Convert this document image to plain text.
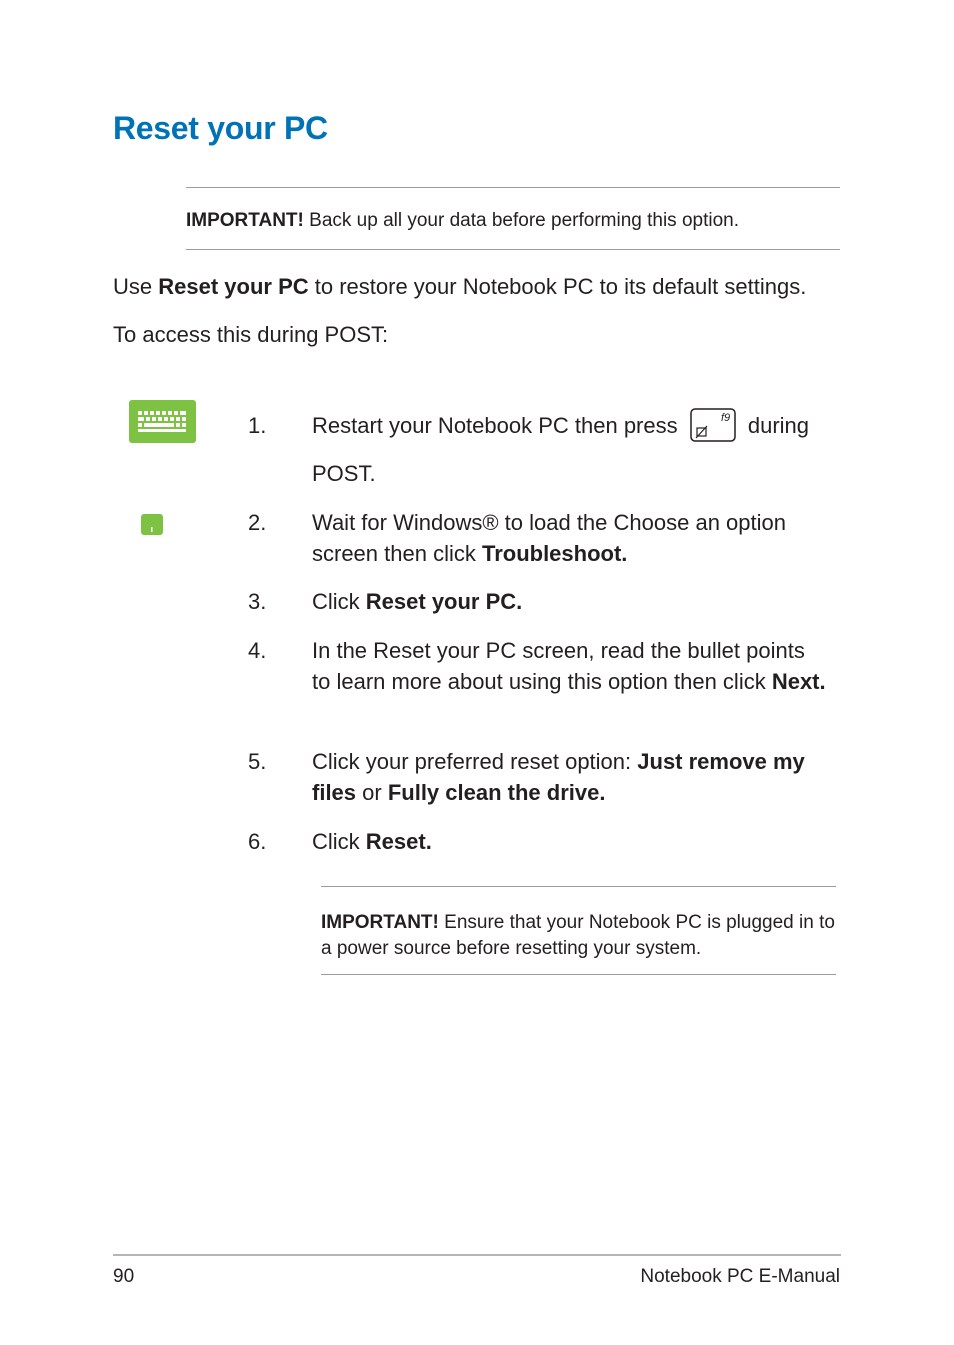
Reset your PC

IMPORTANT! Back up all your data before performing this option.

Use Reset your PC to restore your Notebook PC to its default settings.

To access this during POST:

1. Restart your Notebook PC then press	f9 during
POST.
2. Wait for Windows® to load the Choose an option screen then click Troubleshoot.
3. Click Reset your PC.
4. In the Reset your PC screen, read the bullet points to learn more about using this option then click Next.
5. Click your preferred reset option: Just remove my files or Fully clean the drive.
6. Click Reset.

IMPORTANT! Ensure that your Notebook PC is plugged in to a power source before resetting your system.

90	Notebook PC E-Manual
